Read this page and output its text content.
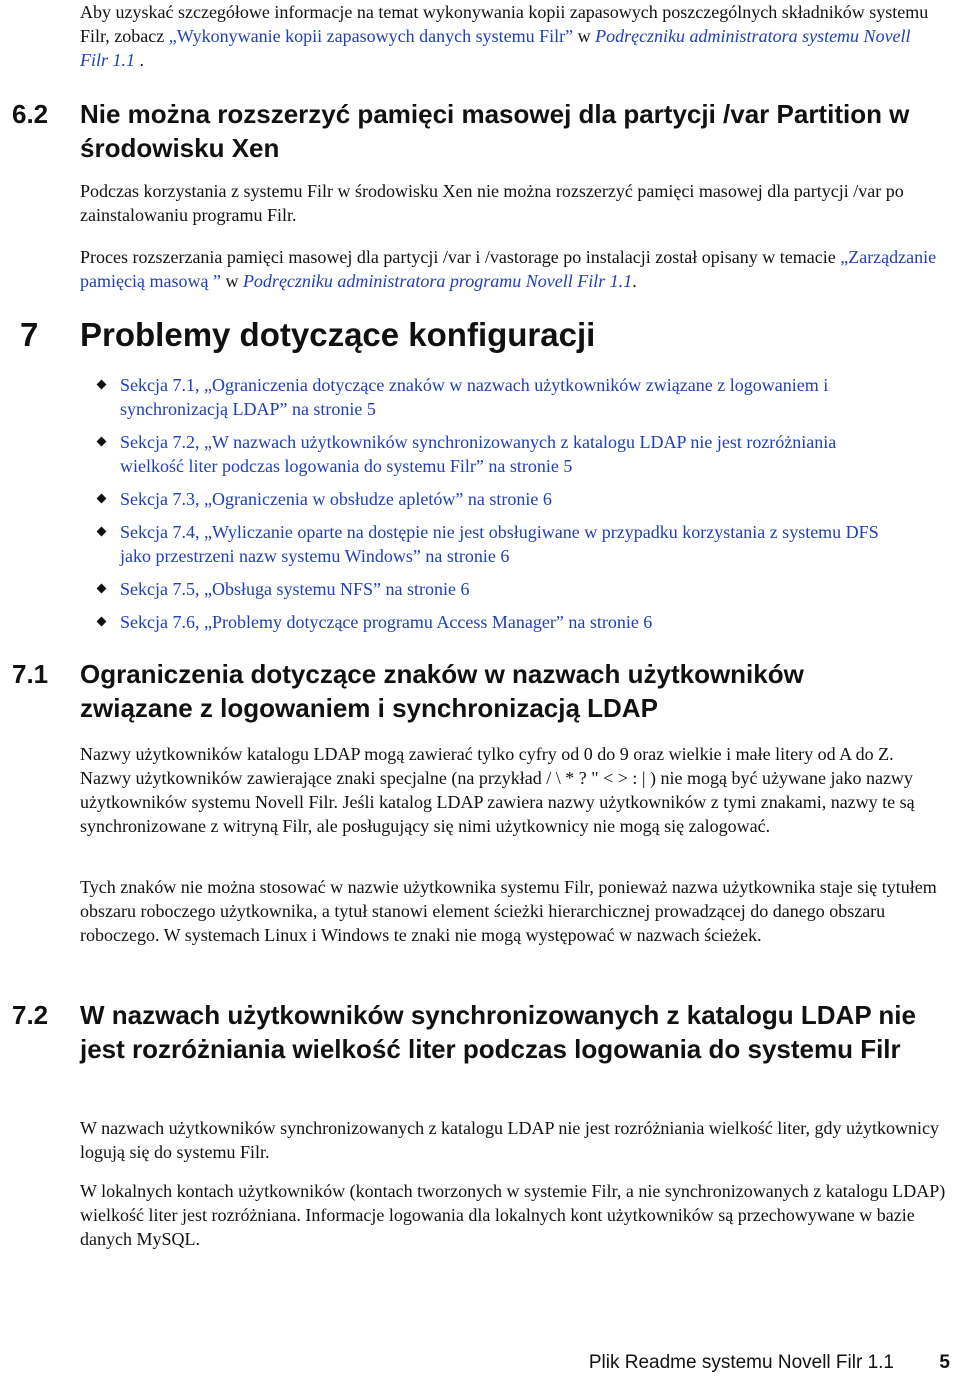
Aby uzyskać szczegółowe informacje na temat wykonywania kopii zapasowych poszczególnych składników systemu Filr, zobacz „Wykonywanie kopii zapasowych danych systemu Filr” w Podręczniku administratora systemu Novell Filr 1.1 .

6.2 Nie można rozszerzyć pamięci masowej dla partycji /var Partition w środowisku Xen

Podczas korzystania z systemu Filr w środowisku Xen nie można rozszerzyć pamięci masowej dla partycji /var po zainstalowaniu programu Filr.

Proces rozszerzania pamięci masowej dla partycji /var i /vastorage po instalacji został opisany w temacie „Zarządzanie pamięcią masową ” w Podręczniku administratora programu Novell Filr 1.1.

7 Problemy dotyczące konfiguracji
Sekcja 7.1, „Ograniczenia dotyczące znaków w nazwach użytkowników związane z logowaniem i synchronizacją LDAP” na stronie 5
Sekcja 7.2, „W nazwach użytkowników synchronizowanych z katalogu LDAP nie jest rozróżniania wielkość liter podczas logowania do systemu Filr” na stronie 5
Sekcja 7.3, „Ograniczenia w obsłudze apletów” na stronie 6
Sekcja 7.4, „Wyliczanie oparte na dostępie nie jest obsługiwane w przypadku korzystania z systemu DFS jako przestrzeni nazw systemu Windows” na stronie 6
Sekcja 7.5, „Obsługa systemu NFS” na stronie 6
Sekcja 7.6, „Problemy dotyczące programu Access Manager” na stronie 6
7.1 Ograniczenia dotyczące znaków w nazwach użytkowników związane z logowaniem i synchronizacją LDAP

Nazwy użytkowników katalogu LDAP mogą zawierać tylko cyfry od 0 do 9 oraz wielkie i małe litery od A do Z. Nazwy użytkowników zawierające znaki specjalne (na przykład / \ * ? " < > : | ) nie mogą być używane jako nazwy użytkowników systemu Novell Filr. Jeśli katalog LDAP zawiera nazwy użytkowników z tymi znakami, nazwy te są synchronizowane z witryną Filr, ale posługujący się nimi użytkownicy nie mogą się zalogować.

Tych znaków nie można stosować w nazwie użytkownika systemu Filr, ponieważ nazwa użytkownika staje się tytułem obszaru roboczego użytkownika, a tytuł stanowi element ścieżki hierarchicznej prowadzącej do danego obszaru roboczego. W systemach Linux i Windows te znaki nie mogą występować w nazwach ścieżek.

7.2 W nazwach użytkowników synchronizowanych z katalogu LDAP nie jest rozróżniania wielkość liter podczas logowania do systemu Filr

W nazwach użytkowników synchronizowanych z katalogu LDAP nie jest rozróżniania wielkość liter, gdy użytkownicy logują się do systemu Filr.

W lokalnych kontach użytkowników (kontach tworzonych w systemie Filr, a nie synchronizowanych z katalogu LDAP) wielkość liter jest rozróżniana. Informacje logowania dla lokalnych kont użytkowników są przechowywane w bazie danych MySQL.

Plik Readme systemu Novell Filr 1.1 5
